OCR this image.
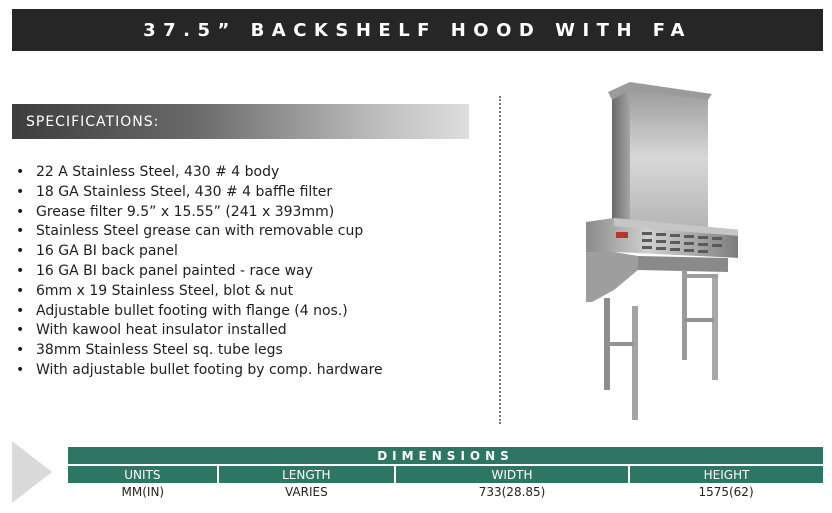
37.5” BACKSHELF HOOD WITH FA
SPECIFICATIONS:
• 22 A Stainless Steel, 430 # 4 body
• 18 GA Stainless Steel, 430 # 4 baffle filter
• Grease filter 9.5” x 15.55” (241 x 393mm)
• Stainless Steel grease can with removable cup
• 16 GA BI back panel
• 16 GA BI back panel painted - race way
• 6mm x 19 Stainless Steel, blot & nut
• Adjustable bullet footing with flange (4 nos.)
• With kawool heat insulator installed
• 38mm Stainless Steel sq. tube legs
• With adjustable bullet footing by comp. hardware
DIMENSIONS			
UNITS	LENGTH	WIDTH	HEIGHT
MM(IN)	VARIES	733(28.85)	1575(62)
